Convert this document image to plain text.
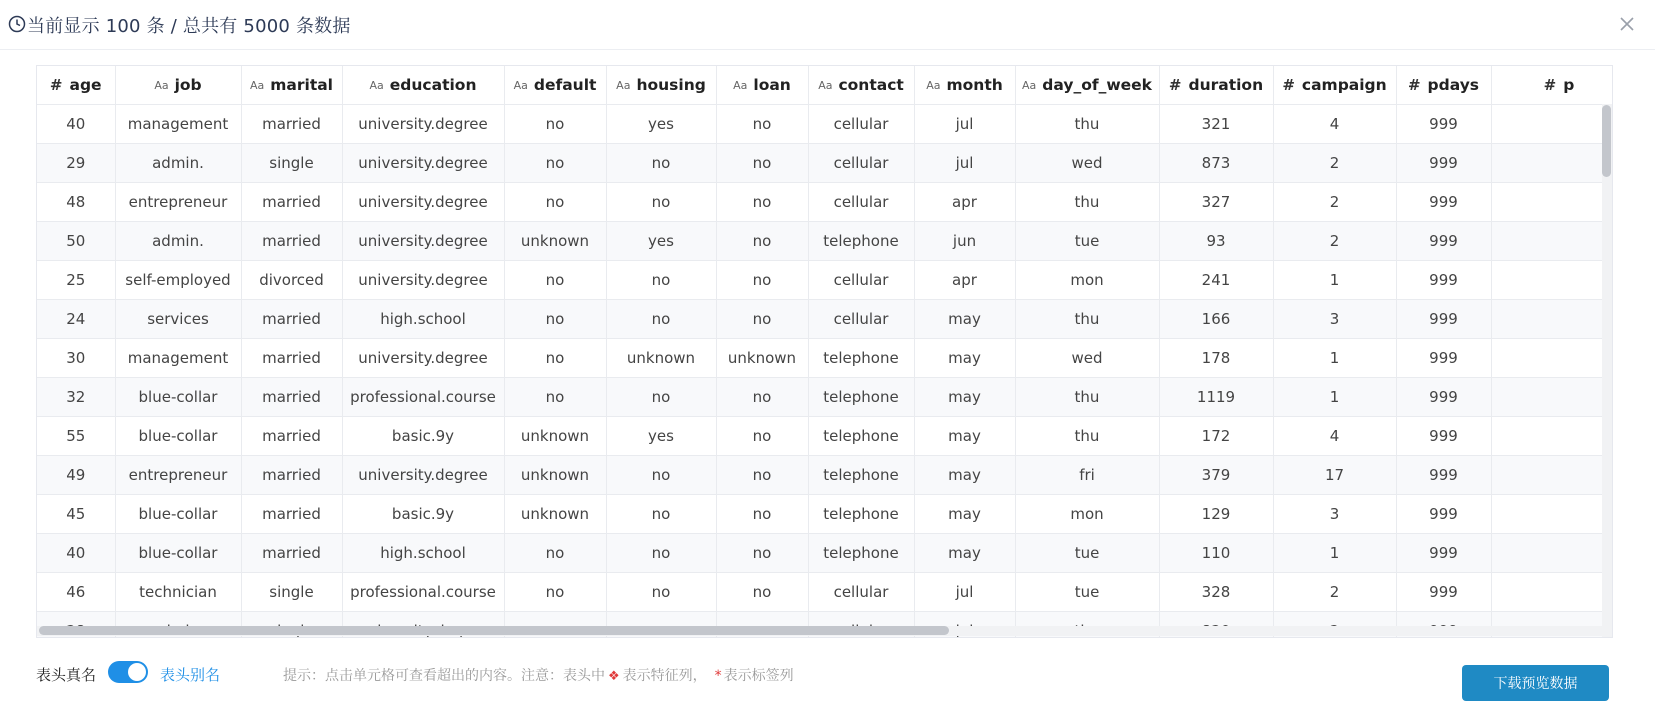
当前显示 100 条 / 总共有 5000 条数据
# age	Aa job	Aa marital	Aa education	Aa default	Aa housing	Aa loan	Aa contact	Aa month	Aa day_of_week	# duration	# campaign	# pdays	# p
40	management	married	university.degree	no	yes	no	cellular	jul	thu	321	4	999	
29	admin.	single	university.degree	no	no	no	cellular	jul	wed	873	2	999	
48	entrepreneur	married	university.degree	no	no	no	cellular	apr	thu	327	2	999	
50	admin.	married	university.degree	unknown	yes	no	telephone	jun	tue	93	2	999	
25	self-employed	divorced	university.degree	no	no	no	cellular	apr	mon	241	1	999	
24	services	married	high.school	no	no	no	cellular	may	thu	166	3	999	
30	management	married	university.degree	no	unknown	unknown	telephone	may	wed	178	1	999	
32	blue-collar	married	professional.course	no	no	no	telephone	may	thu	1119	1	999	
55	blue-collar	married	basic.9y	unknown	yes	no	telephone	may	thu	172	4	999	
49	entrepreneur	married	university.degree	unknown	no	no	telephone	may	fri	379	17	999	
45	blue-collar	married	basic.9y	unknown	no	no	telephone	may	mon	129	3	999	
40	blue-collar	married	high.school	no	no	no	telephone	may	tue	110	1	999	
46	technician	single	professional.course	no	no	no	cellular	jul	tue	328	2	999	

表头真名	表头别名	提示：点击单元格可查看超出的内容。注意：表头中 ❖ 表示特征列， * 表示标签列	下载预览数据
